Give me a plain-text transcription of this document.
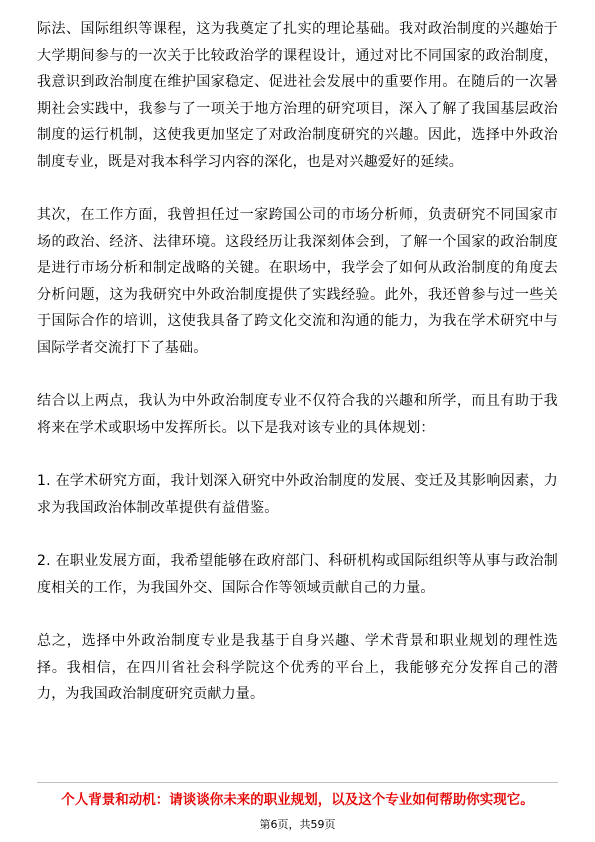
际法、国际组织等课程，这为我奠定了扎实的理论基础。我对政治制度的兴趣始于大学期间参与的一次关于比较政治学的课程设计，通过对比不同国家的政治制度，我意识到政治制度在维护国家稳定、促进社会发展中的重要作用。在随后的一次暑期社会实践中，我参与了一项关于地方治理的研究项目，深入了解了我国基层政治制度的运行机制，这使我更加坚定了对政治制度研究的兴趣。因此，选择中外政治制度专业，既是对我本科学习内容的深化，也是对兴趣爱好的延续。

其次，在工作方面，我曾担任过一家跨国公司的市场分析师，负责研究不同国家市场的政治、经济、法律环境。这段经历让我深刻体会到，了解一个国家的政治制度是进行市场分析和制定战略的关键。在职场中，我学会了如何从政治制度的角度去分析问题，这为我研究中外政治制度提供了实践经验。此外，我还曾参与过一些关于国际合作的培训，这使我具备了跨文化交流和沟通的能力，为我在学术研究中与国际学者交流打下了基础。

结合以上两点，我认为中外政治制度专业不仅符合我的兴趣和所学，而且有助于我将来在学术或职场中发挥所长。以下是我对该专业的具体规划：

1. 在学术研究方面，我计划深入研究中外政治制度的发展、变迁及其影响因素，力求为我国政治体制改革提供有益借鉴。

2. 在职业发展方面，我希望能够在政府部门、科研机构或国际组织等从事与政治制度相关的工作，为我国外交、国际合作等领域贡献自己的力量。

总之，选择中外政治制度专业是我基于自身兴趣、学术背景和职业规划的理性选择。我相信，在四川省社会科学院这个优秀的平台上，我能够充分发挥自己的潜力，为我国政治制度研究贡献力量。

个人背景和动机：请谈谈你未来的职业规划，以及这个专业如何帮助你实现它。

第6页，共59页
